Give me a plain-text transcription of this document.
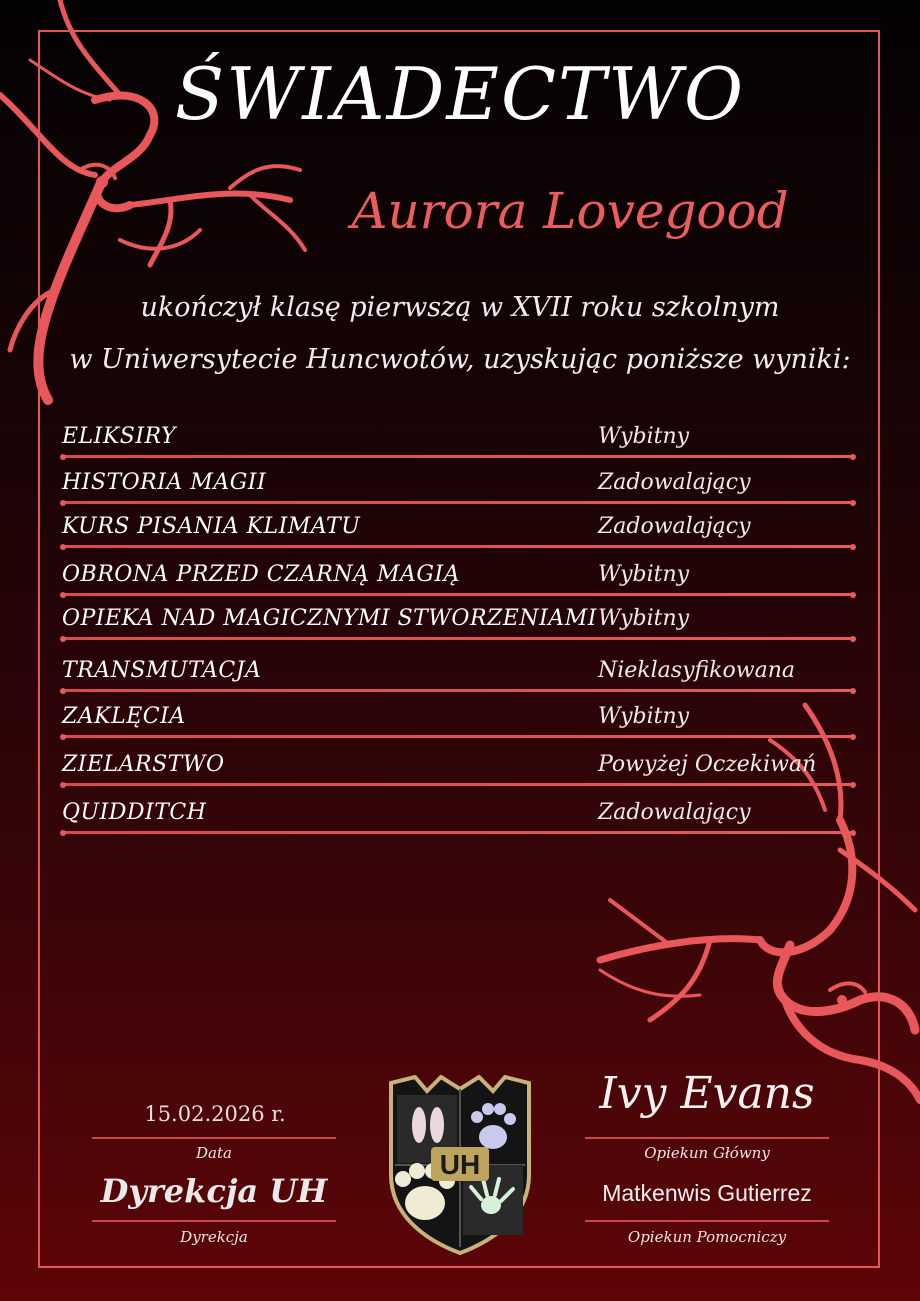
ŚWIADECTWO
Aurora Lovegood
ukończył klasę pierwszą w XVII roku szkolnym
w Uniwersytecie Huncwotów, uzyskując poniższe wyniki:
ELIKSIRY	Wybitny
HISTORIA MAGII	Zadowalający
KURS PISANIA KLIMATU	Zadowalający
OBRONA PRZED CZARNĄ MAGIĄ	Wybitny
OPIEKA NAD MAGICZNYMI STWORZENIAMI Wybitny
TRANSMUTACJA	Nieklasyfikowana
ZAKLĘCIA	Wybitny
ZIELARSTWO	Powyżej Oczekiwań
QUIDDITCH	Zadowalający
15.02.2026 r.
Data
Dyrekcja UH
Dyrekcja
UH
Ivy Evans
Opiekun Główny
Matkenwis Gutierrez
Opiekun Pomocniczy
